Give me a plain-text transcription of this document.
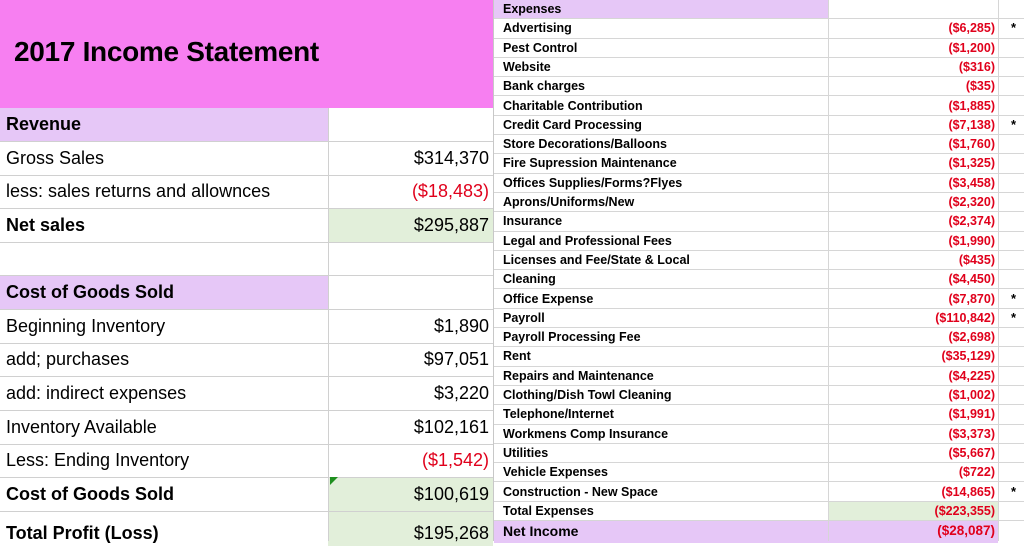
2017 Income Statement
Revenue
Gross Sales	$314,370
less: sales returns and allownces	($18,483)
Net sales	$295,887
Cost of Goods Sold
Beginning Inventory	$1,890
add; purchases	$97,051
add: indirect expenses	$3,220
Inventory Available	$102,161
Less: Ending Inventory	($1,542)
Cost of Goods Sold	$100,619
Total Profit (Loss)	$195,268
Expenses
Advertising	($6,285) *
Pest Control	($1,200)
Website	($316)
Bank charges	($35)
Charitable Contribution	($1,885)
Credit Card Processing	($7,138) *
Store Decorations/Balloons	($1,760)
Fire Supression Maintenance	($1,325)
Offices Supplies/Forms?Flyes	($3,458)
Aprons/Uniforms/New	($2,320)
Insurance	($2,374)
Legal and Professional Fees	($1,990)
Licenses and Fee/State & Local	($435)
Cleaning	($4,450)
Office Expense	($7,870) *
Payroll	($110,842) *
Payroll Processing Fee	($2,698)
Rent	($35,129)
Repairs and Maintenance	($4,225)
Clothing/Dish Towl Cleaning	($1,002)
Telephone/Internet	($1,991)
Workmens Comp Insurance	($3,373)
Utilities	($5,667)
Vehicle Expenses	($722)
Construction - New Space	($14,865) *
Total Expenses	($223,355)
Net Income	($28,087)
